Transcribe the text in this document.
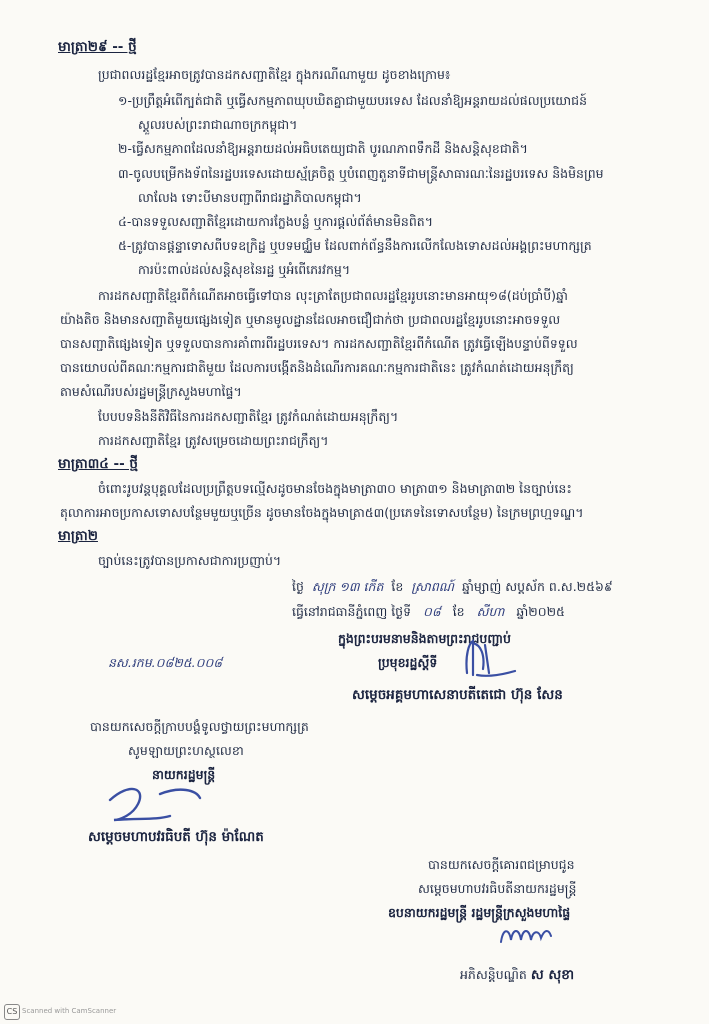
មាត្រា២៩ -- ថ្មី
ប្រជាពលរដ្ឋខ្មែរអាចត្រូវបានដកសញ្ជាតិខ្មែរ ក្នុងករណីណាមួយ ដូចខាងក្រោម៖
១-ប្រព្រឹត្តអំពើក្បត់ជាតិ ឬធ្វើសកម្មភាពឃុបឃិតគ្នាជាមួយបរទេស ដែលនាំឱ្យអន្តរាយដល់ផលប្រយោជន៍
ស្ដួលរបស់ព្រះរាជាណាចក្រកម្ពុជា។
២-ធ្វើសកម្មភាពដែលនាំឱ្យអន្តរាយដល់អធិបតេយ្យជាតិ បូរណភាពទឹកដី និងសន្តិសុខជាតិ។
៣-ចូលបម្រើកងទ័ពនៃរដ្ឋបរទេសដោយស្ម័គ្រចិត្ត ឬបំពេញតួនាទីជាមន្ត្រីសាធារណៈនៃរដ្ឋបរទេស និងមិនព្រម
លាលែង ទោះបីមានបញ្ជាពីរាជរដ្ឋាភិបាលកម្ពុជា។
៤-បានទទួលសញ្ជាតិខ្មែរដោយការក្លែងបន្លំ ឬការផ្ដល់ព័ត៌មានមិនពិត។
៥-ត្រូវបានផ្ដន្ទាទោសពីបទឧក្រិដ្ឋ ឬបទមជ្ឈិម ដែលពាក់ព័ន្ធនឹងការលើកលែងទោសដល់អង្គព្រះមហាក្សត្រ
ការប៉ះពាល់ដល់សន្តិសុខនៃរដ្ឋ ឬអំពើភេរវកម្ម។
ការដកសញ្ជាតិខ្មែរពីកំណើតអាចធ្វើទៅបាន លុះត្រាតែប្រជាពលរដ្ឋខ្មែររូបនោះមានអាយុ១៨(ដប់ប្រាំបី)ឆ្នាំ
យ៉ាងតិច និងមានសញ្ជាតិមួយផ្សេងទៀត ឬមានមូលដ្ឋានដែលអាចជឿជាក់ថា ប្រជាពលរដ្ឋខ្មែររូបនោះអាចទទួល
បានសញ្ជាតិផ្សេងទៀត ឬទទួលបានការគាំពារពីរដ្ឋបរទេស។ ការដកសញ្ជាតិខ្មែរពីកំណើត ត្រូវធ្វើឡើងបន្ទាប់ពីទទួល
បានយោបល់ពីគណៈកម្មការជាតិមួយ ដែលការបង្កើតនិងដំណើរការគណៈកម្មការជាតិនេះ ត្រូវកំណត់ដោយអនុក្រឹត្យ
តាមសំណើរបស់រដ្ឋមន្ត្រីក្រសួងមហាផ្ទៃ។
បែបបទនិងនីតិវិធីនៃការដកសញ្ជាតិខ្មែរ ត្រូវកំណត់ដោយអនុក្រឹត្យ។
ការដកសញ្ជាតិខ្មែរ ត្រូវសម្រេចដោយព្រះរាជក្រឹត្យ។
មាត្រា៣៤ -- ថ្មី
ចំពោះរូបវន្តបុគ្គលដែលប្រព្រឹត្តបទល្មើសដូចមានចែងក្នុងមាត្រា៣០ មាត្រា៣១ និងមាត្រា៣២ នៃច្បាប់នេះ
តុលាការអាចប្រកាសទោសបន្ថែមមួយឬច្រើន ដូចមានចែងក្នុងមាត្រា៥៣(ប្រភេទនៃទោសបន្ថែម) នៃក្រមព្រហ្មទណ្ឌ។
មាត្រា២
ច្បាប់នេះត្រូវបានប្រកាសជាការប្រញាប់។
ថ្ងៃ សុក្រ ១៣ កើត ខែ ស្រាពណ៍ ឆ្នាំម្សាញ់ សប្តស័ក ព.ស.២៥៦៩
ធ្វើនៅរាជធានីភ្នំពេញ ថ្ងៃទី ០៨ ខែ សីហា ឆ្នាំ២០២៥
ក្នុងព្រះបរមនាមនិងតាមព្រះរាជបញ្ជាប់
ប្រមុខរដ្ឋស្ដីទី
នស.រកម.០៨២៥.០០៨
សម្តេចអគ្គមហាសេនាបតីតេជោ ហ៊ុន សែន
បានយកសេចក្ដីក្រាបបង្គំទូលថ្វាយព្រះមហាក្សត្រ
សូមឡាយព្រះហស្ថលេខា
នាយករដ្ឋមន្ត្រី
សម្តេចមហាបវរធិបតី ហ៊ុន ម៉ាណែត
បានយកសេចក្ដីគោរពជម្រាបជូន
សម្តេចមហាបវរធិបតីនាយករដ្ឋមន្ត្រី
ឧបនាយករដ្ឋមន្ត្រី រដ្ឋមន្ត្រីក្រសួងមហាផ្ទៃ
អភិសន្តិបណ្ឌិត ស សុខា
CS Scanned with CamScanner
